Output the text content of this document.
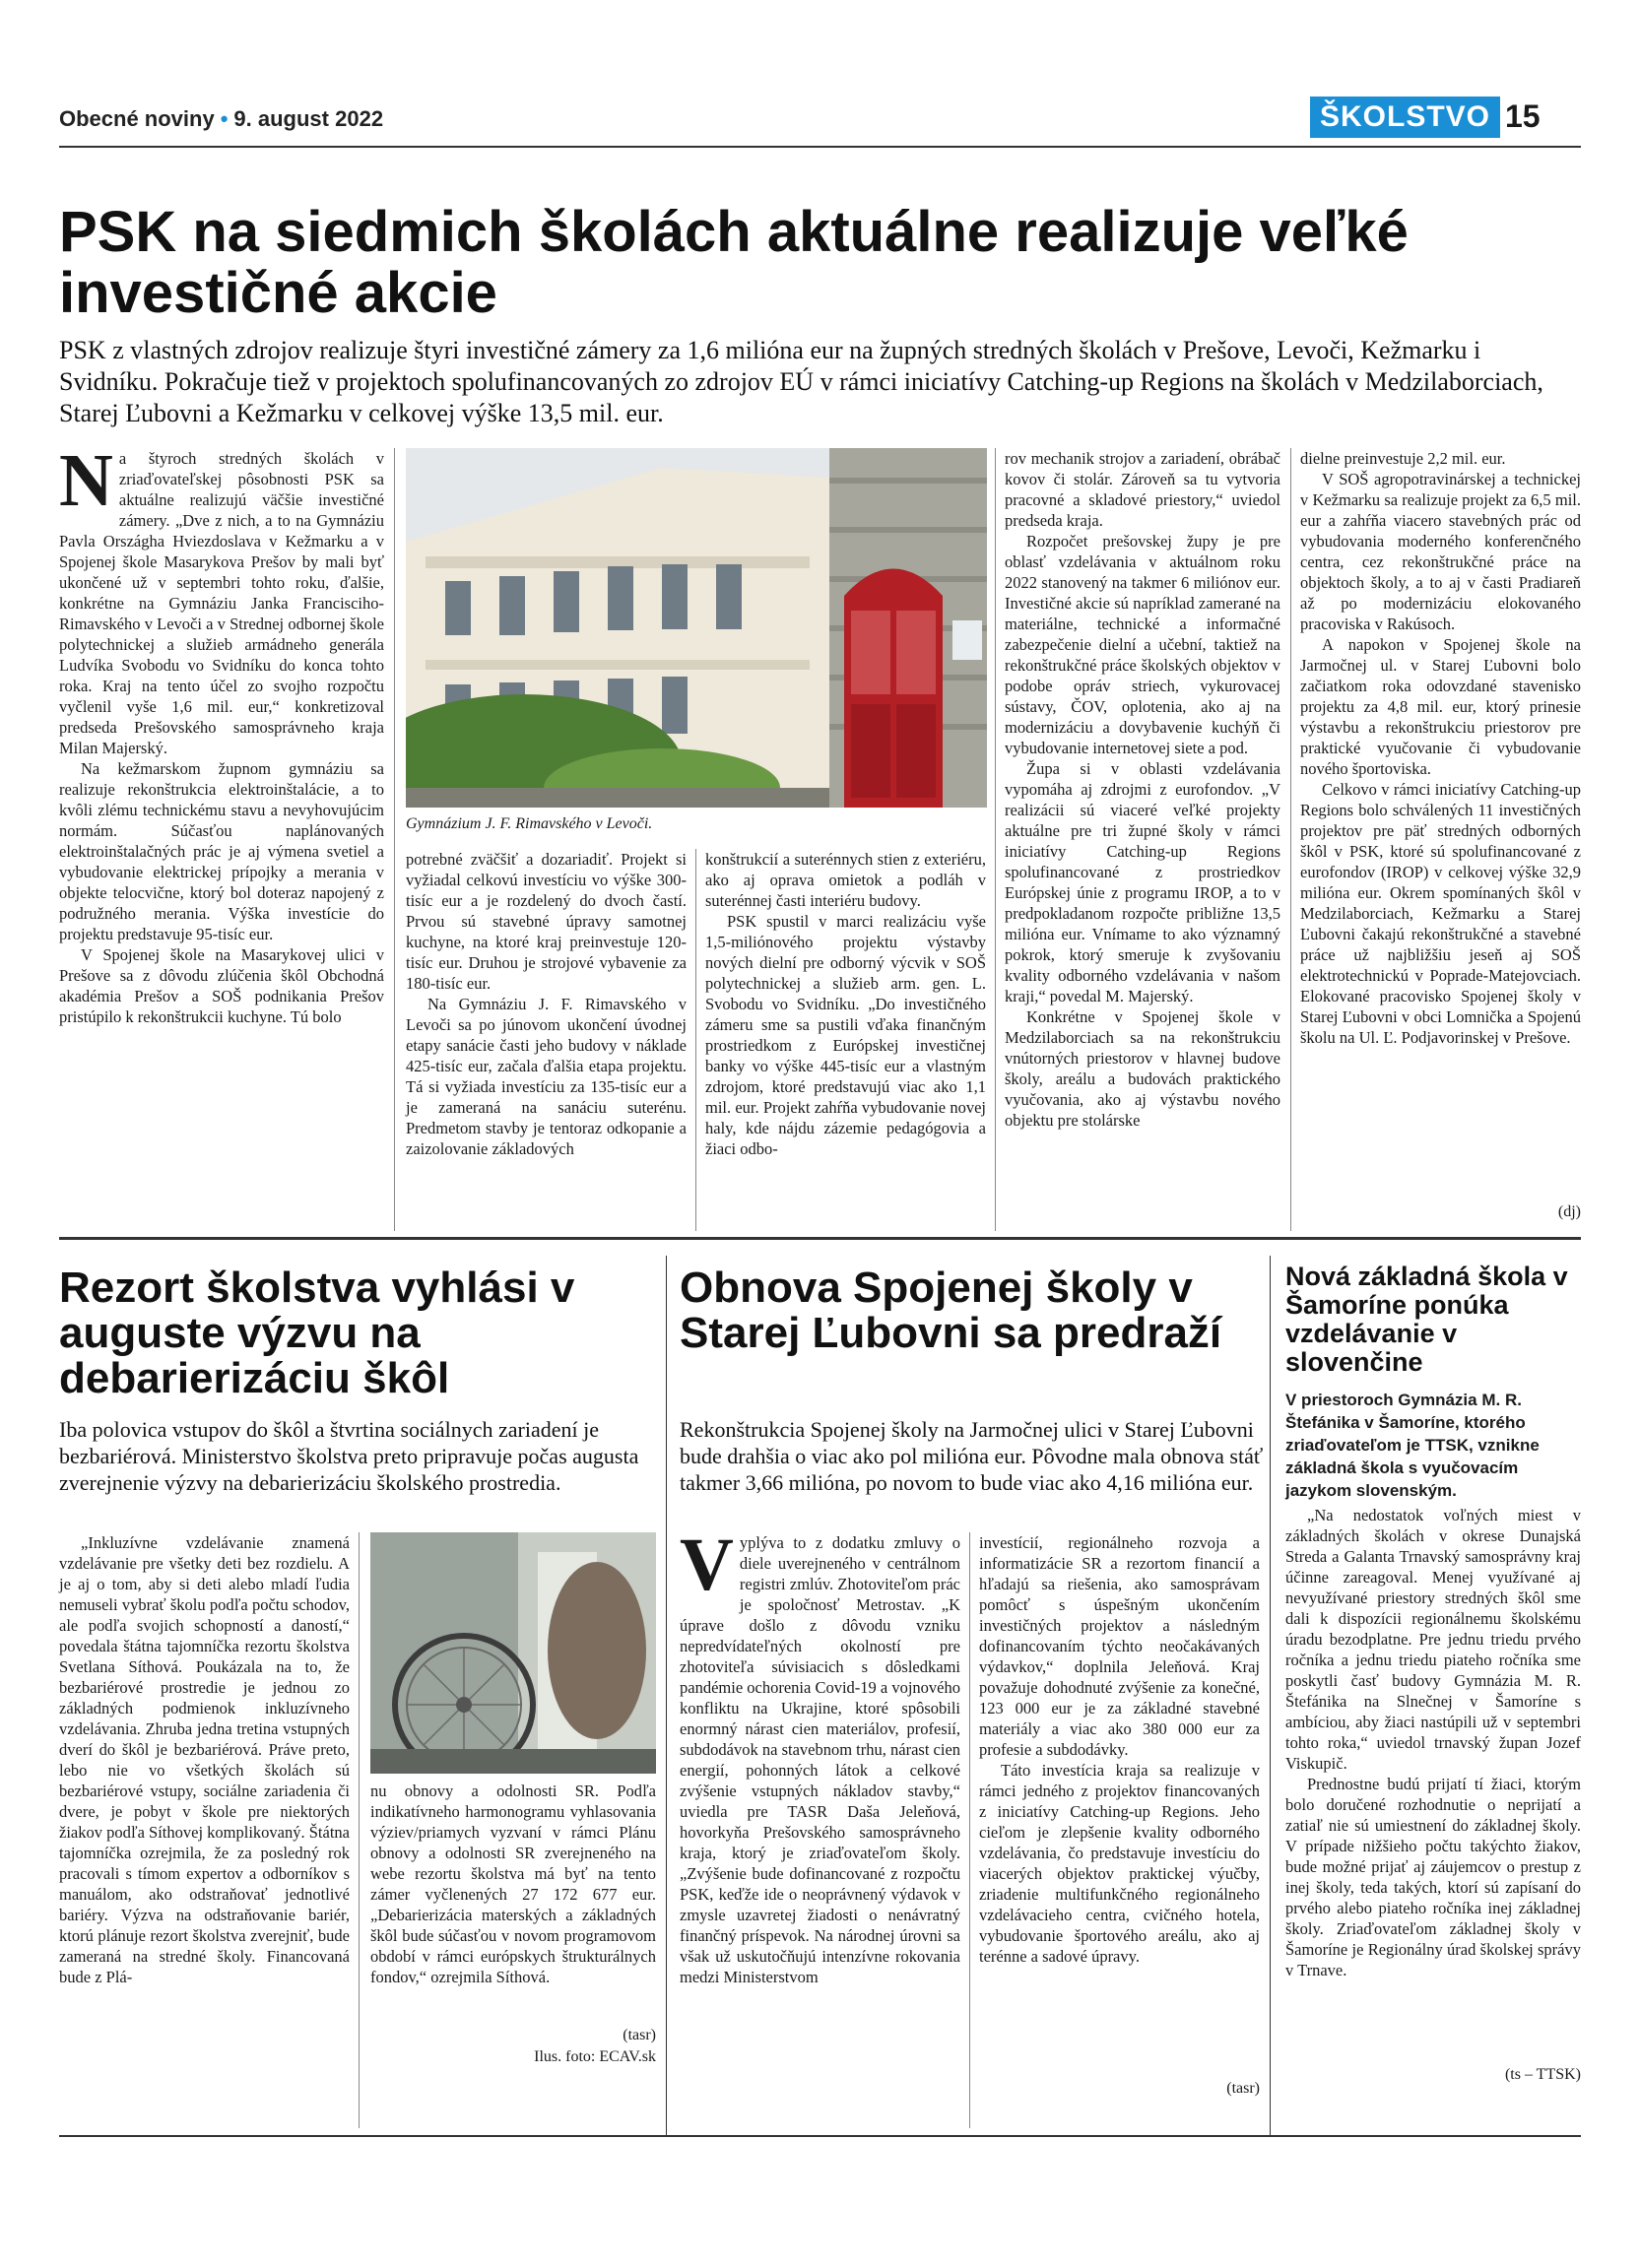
Obecné noviny • 9. august 2022	ŠKOLSTVO 15
PSK na siedmich školách aktuálne realizuje veľké investičné akcie
PSK z vlastných zdrojov realizuje štyri investičné zámery za 1,6 milióna eur na župných stredných školách v Prešove, Levoči, Kežmarku i Svidníku. Pokračuje tiež v projektoch spolufinancovaných zo zdrojov EÚ v rámci iniciatívy Catching-up Regions na školách v Medzilaborciach, Starej Ľubovni a Kežmarku v celkovej výške 13,5 mil. eur.

Na štyroch stredných školách v zriaďovateľskej pôsobnosti PSK sa aktuálne realizujú väčšie investičné zámery. „Dve z nich, a to na Gymnáziu Pavla Országha Hviezdoslava v Kežmarku a v Spojenej škole Masarykova Prešov by mali byť ukončené už v septembri tohto roku, ďalšie, konkrétne na Gymnáziu Janka Francisciho-Rimavského v Levoči a v Strednej odbornej škole polytechnickej a služieb armádneho generála Ludvíka Svobodu vo Svidníku do konca tohto roka. Kraj na tento účel zo svojho rozpočtu vyčlenil vyše 1,6 mil. eur,“ konkretizoval predseda Prešovského samosprávneho kraja Milan Majerský.

Na kežmarskom župnom gymnáziu sa realizuje rekonštrukcia elektroinštalácie, a to kvôli zlému technickému stavu a nevyhovujúcim normám. Súčasťou naplánovaných elektroinštalačných prác je aj výmena svetiel a vybudovanie elektrickej prípojky a merania v objekte telocvične, ktorý bol doteraz napojený z podružného merania. Výška investície do projektu predstavuje 95-tisíc eur.

V Spojenej škole na Masarykovej ulici v Prešove sa z dôvodu zlúčenia škôl Obchodná akadémia Prešov a SOŠ podnikania Prešov pristúpilo k rekonštrukcii kuchyne. Tú bolo

Gymnázium J. F. Rimavského v Levoči.

potrebné zväčšiť a dozariadiť. Projekt si vyžiadal celkovú investíciu vo výške 300-tisíc eur a je rozdelený do dvoch častí. Prvou sú stavebné úpravy samotnej kuchyne, na ktoré kraj preinvestuje 120-tisíc eur. Druhou je strojové vybavenie za 180-tisíc eur.

Na Gymnáziu J. F. Rimavského v Levoči sa po júnovom ukončení úvodnej etapy sanácie časti jeho budovy v náklade 425-tisíc eur, začala ďalšia etapa projektu. Tá si vyžiada investíciu za 135-tisíc eur a je zameraná na sanáciu suterénu. Predmetom stavby je tentoraz odkopanie a zaizolovanie základových

konštrukcií a suterénnych stien z exteriéru, ako aj oprava omietok a podláh v suterénnej časti interiéru budovy.

PSK spustil v marci realizáciu vyše 1,5-miliónového projektu výstavby nových dielní pre odborný výcvik v SOŠ polytechnickej a služieb arm. gen. L. Svobodu vo Svidníku. „Do investičného zámeru sme sa pustili vďaka finančným prostriedkom z Európskej investičnej banky vo výške 445-tisíc eur a vlastným zdrojom, ktoré predstavujú viac ako 1,1 mil. eur. Projekt zahŕňa vybudovanie novej haly, kde nájdu zázemie pedagógovia a žiaci odbo-

rov mechanik strojov a zariadení, obrábač kovov či stolár. Zároveň sa tu vytvoria pracovné a skladové priestory,“ uviedol predseda kraja.

Rozpočet prešovskej župy je pre oblasť vzdelávania v aktuálnom roku 2022 stanovený na takmer 6 miliónov eur. Investičné akcie sú napríklad zamerané na materiálne, technické a informačné zabezpečenie dielní a učební, taktiež na rekonštrukčné práce školských objektov v podobe opráv striech, vykurovacej sústavy, ČOV, oplotenia, ako aj na modernizáciu a dovybavenie kuchýň či vybudovanie internetovej siete a pod.

Župa si v oblasti vzdelávania vypomáha aj zdrojmi z eurofondov. „V realizácii sú viaceré veľké projekty aktuálne pre tri župné školy v rámci iniciatívy Catching-up Regions spolufinancované z prostriedkov Európskej únie z programu IROP, a to v predpokladanom rozpočte približne 13,5 milióna eur. Vnímame to ako významný pokrok, ktorý smeruje k zvyšovaniu kvality odborného vzdelávania v našom kraji,“ povedal M. Majerský.

Konkrétne v Spojenej škole v Medzilaborciach sa na rekonštrukciu vnútorných priestorov v hlavnej budove školy, areálu a budovách praktického vyučovania, ako aj výstavbu nového objektu pre stolárske

dielne preinvestuje 2,2 mil. eur.

V SOŠ agropotravinárskej a technickej v Kežmarku sa realizuje projekt za 6,5 mil. eur a zahŕňa viacero stavebných prác od vybudovania moderného konferenčného centra, cez rekonštrukčné práce na objektoch školy, a to aj v časti Pradiareň až po modernizáciu elokovaného pracoviska v Rakúsoch.

A napokon v Spojenej škole na Jarmočnej ul. v Starej Ľubovni bolo začiatkom roka odovzdané stavenisko projektu za 4,8 mil. eur, ktorý prinesie výstavbu a rekonštrukciu priestorov pre praktické vyučovanie či vybudovanie nového športoviska.

Celkovo v rámci iniciatívy Catching-up Regions bolo schválených 11 investičných projektov pre päť stredných odborných škôl v PSK, ktoré sú spolufinancované z eurofondov (IROP) v celkovej výške 32,9 milióna eur. Okrem spomínaných škôl v Medzilaborciach, Kežmarku a Starej Ľubovni čakajú rekonštrukčné a stavebné práce už najbližšiu jeseň aj SOŠ elektrotechnickú v Poprade-Matejovciach. Elokované pracovisko Spojenej školy v Starej Ľubovni v obci Lomnička a Spojenú školu na Ul. Ľ. Podjavorinskej v Prešove.

(dj)
Rezort školstva vyhlási v auguste výzvu na debarierizáciu škôl
Iba polovica vstupov do škôl a štvrtina sociálnych zariadení je bezbariérová. Ministerstvo školstva preto pripravuje počas augusta zverejnenie výzvy na debarierizáciu školského prostredia.

„Inkluzívne vzdelávanie znamená vzdelávanie pre všetky deti bez rozdielu. A je aj o tom, aby si deti alebo mladí ľudia nemuseli vybrať školu podľa počtu schodov, ale podľa svojich schopností a daností,“ povedala štátna tajomníčka rezortu školstva Svetlana Síthová. Poukázala na to, že bezbariérové prostredie je jednou zo základných podmienok inkluzívneho vzdelávania. Zhruba jedna tretina vstupných dverí do škôl je bezbariérová. Práve preto, lebo nie vo všetkých školách sú bezbariérové vstupy, sociálne zariadenia či dvere, je pobyt v škole pre niektorých žiakov podľa Síthovej komplikovaný. Štátna tajomníčka ozrejmila, že za posledný rok pracovali s tímom expertov a odborníkov s manuálom, ako odstraňovať jednotlivé bariéry. Výzva na odstraňovanie bariér, ktorú plánuje rezort školstva zverejniť, bude zameraná na stredné školy. Financovaná bude z Plá-

nu obnovy a odolnosti SR. Podľa indikatívneho harmonogramu vyhlasovania výziev/priamych vyzvaní v rámci Plánu obnovy a odolnosti SR zverejneného na webe rezortu školstva má byť na tento zámer vyčlenených 27 172 677 eur. „Debarierizácia materských a základných škôl bude súčasťou v novom programovom období v rámci európskych štrukturálnych fondov,“ ozrejmila Síthová.

(tasr)
Ilus. foto: ECAV.sk
Obnova Spojenej školy v Starej Ľubovni sa predraží
Rekonštrukcia Spojenej školy na Jarmočnej ulici v Starej Ľubovni bude drahšia o viac ako pol milióna eur. Pôvodne mala obnova stáť takmer 3,66 milióna, po novom to bude viac ako 4,16 milióna eur.

Vyplýva to z dodatku zmluvy o diele uverejneného v centrálnom registri zmlúv. Zhotoviteľom prác je spoločnosť Metrostav. „K úprave došlo z dôvodu vzniku nepredvídateľných okolností pre zhotoviteľa súvisiacich s dôsledkami pandémie ochorenia Covid-19 a vojnového konfliktu na Ukrajine, ktoré spôsobili enormný nárast cien materiálov, profesií, subdodávok na stavebnom trhu, nárast cien energií, pohonných látok a celkové zvýšenie vstupných nákladov stavby,“ uviedla pre TASR Daša Jeleňová, hovorkyňa Prešovského samosprávneho kraja, ktorý je zriaďovateľom školy. „Zvýšenie bude dofinancované z rozpočtu PSK, keďže ide o neoprávnený výdavok v zmysle uzavretej žiadosti o nenávratný finančný príspevok. Na národnej úrovni sa však už uskutočňujú intenzívne rokovania medzi Ministerstvom

investícií, regionálneho rozvoja a informatizácie SR a rezortom financií a hľadajú sa riešenia, ako samosprávam pomôcť s úspešným ukončením investičných projektov a následným dofinancovaním týchto neočakávaných výdavkov,“ doplnila Jeleňová. Kraj považuje dohodnuté zvýšenie za konečné, 123 000 eur je za základné stavebné materiály a viac ako 380 000 eur za profesie a subdodávky.

Táto investícia kraja sa realizuje v rámci jedného z projektov financovaných z iniciatívy Catching-up Regions. Jeho cieľom je zlepšenie kvality odborného vzdelávania, čo predstavuje investíciu do viacerých objektov praktickej výučby, zriadenie multifunkčného regionálneho vzdelávacieho centra, cvičného hotela, vybudovanie športového areálu, ako aj terénne a sadové úpravy.

(tasr)
Nová základná škola v Šamoríne ponúka vzdelávanie v slovenčine
V priestoroch Gymnázia M. R. Štefánika v Šamoríne, ktorého zriaďovateľom je TTSK, vznikne základná škola s vyučovacím jazykom slovenským.

„Na nedostatok voľných miest v základných školách v okrese Dunajská Streda a Galanta Trnavský samosprávny kraj účinne zareagoval. Menej využívané aj nevyužívané priestory stredných škôl sme dali k dispozícii regionálnemu školskému úradu bezodplatne. Pre jednu triedu prvého ročníka a jednu triedu piateho ročníka sme poskytli časť budovy Gymnázia M. R. Štefánika na Slnečnej v Šamoríne s ambíciou, aby žiaci nastúpili už v septembri tohto roka,“ uviedol trnavský župan Jozef Viskupič.

Prednostne budú prijatí tí žiaci, ktorým bolo doručené rozhodnutie o neprijatí a zatiaľ nie sú umiestnení do základnej školy. V prípade nižšieho počtu takýchto žiakov, bude možné prijať aj záujemcov o prestup z inej školy, teda takých, ktorí sú zapísaní do prvého alebo piateho ročníka inej základnej školy. Zriaďovateľom základnej školy v Šamoríne je Regionálny úrad školskej správy v Trnave.

(ts – TTSK)
